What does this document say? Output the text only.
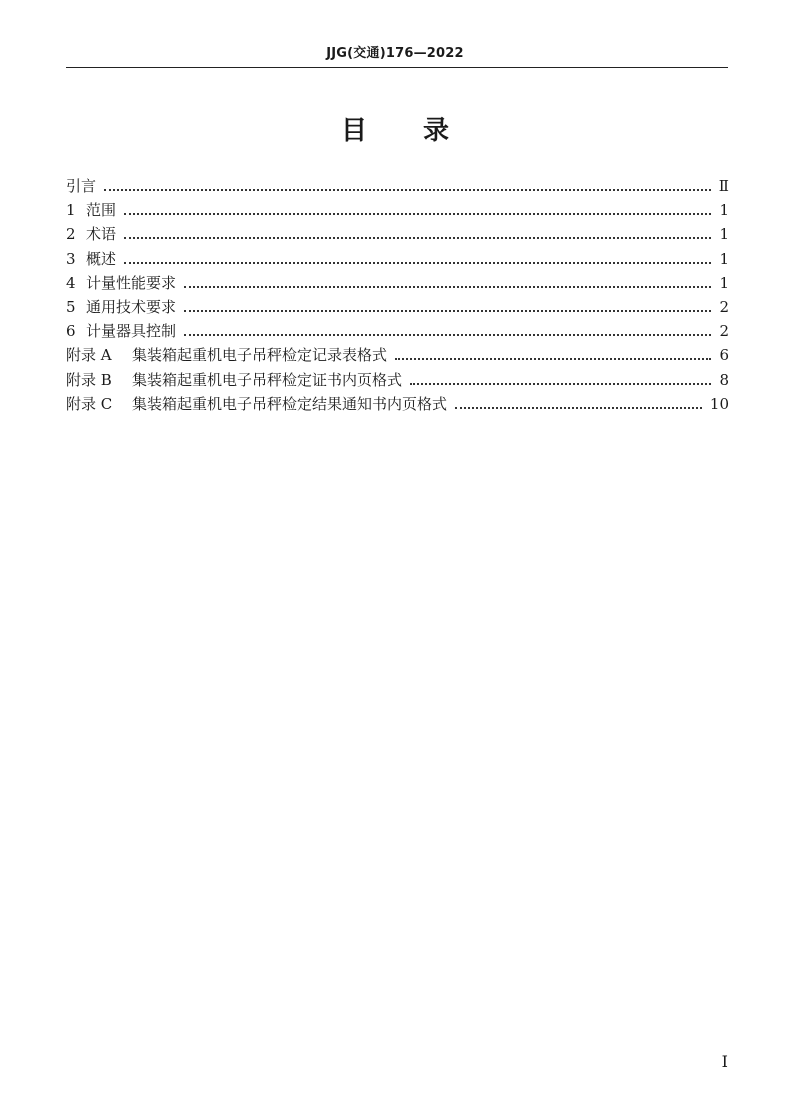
JJG(交通)176—2022
目 录
引言	Ⅱ
1 范围	1
2 术语	1
3 概述	1
4 计量性能要求	1
5 通用技术要求	2
6 计量器具控制	2
附录 A	集装箱起重机电子吊秤检定记录表格式	6
附录 B	集装箱起重机电子吊秤检定证书内页格式	8
附录 C	集装箱起重机电子吊秤检定结果通知书内页格式	10
Ⅰ
